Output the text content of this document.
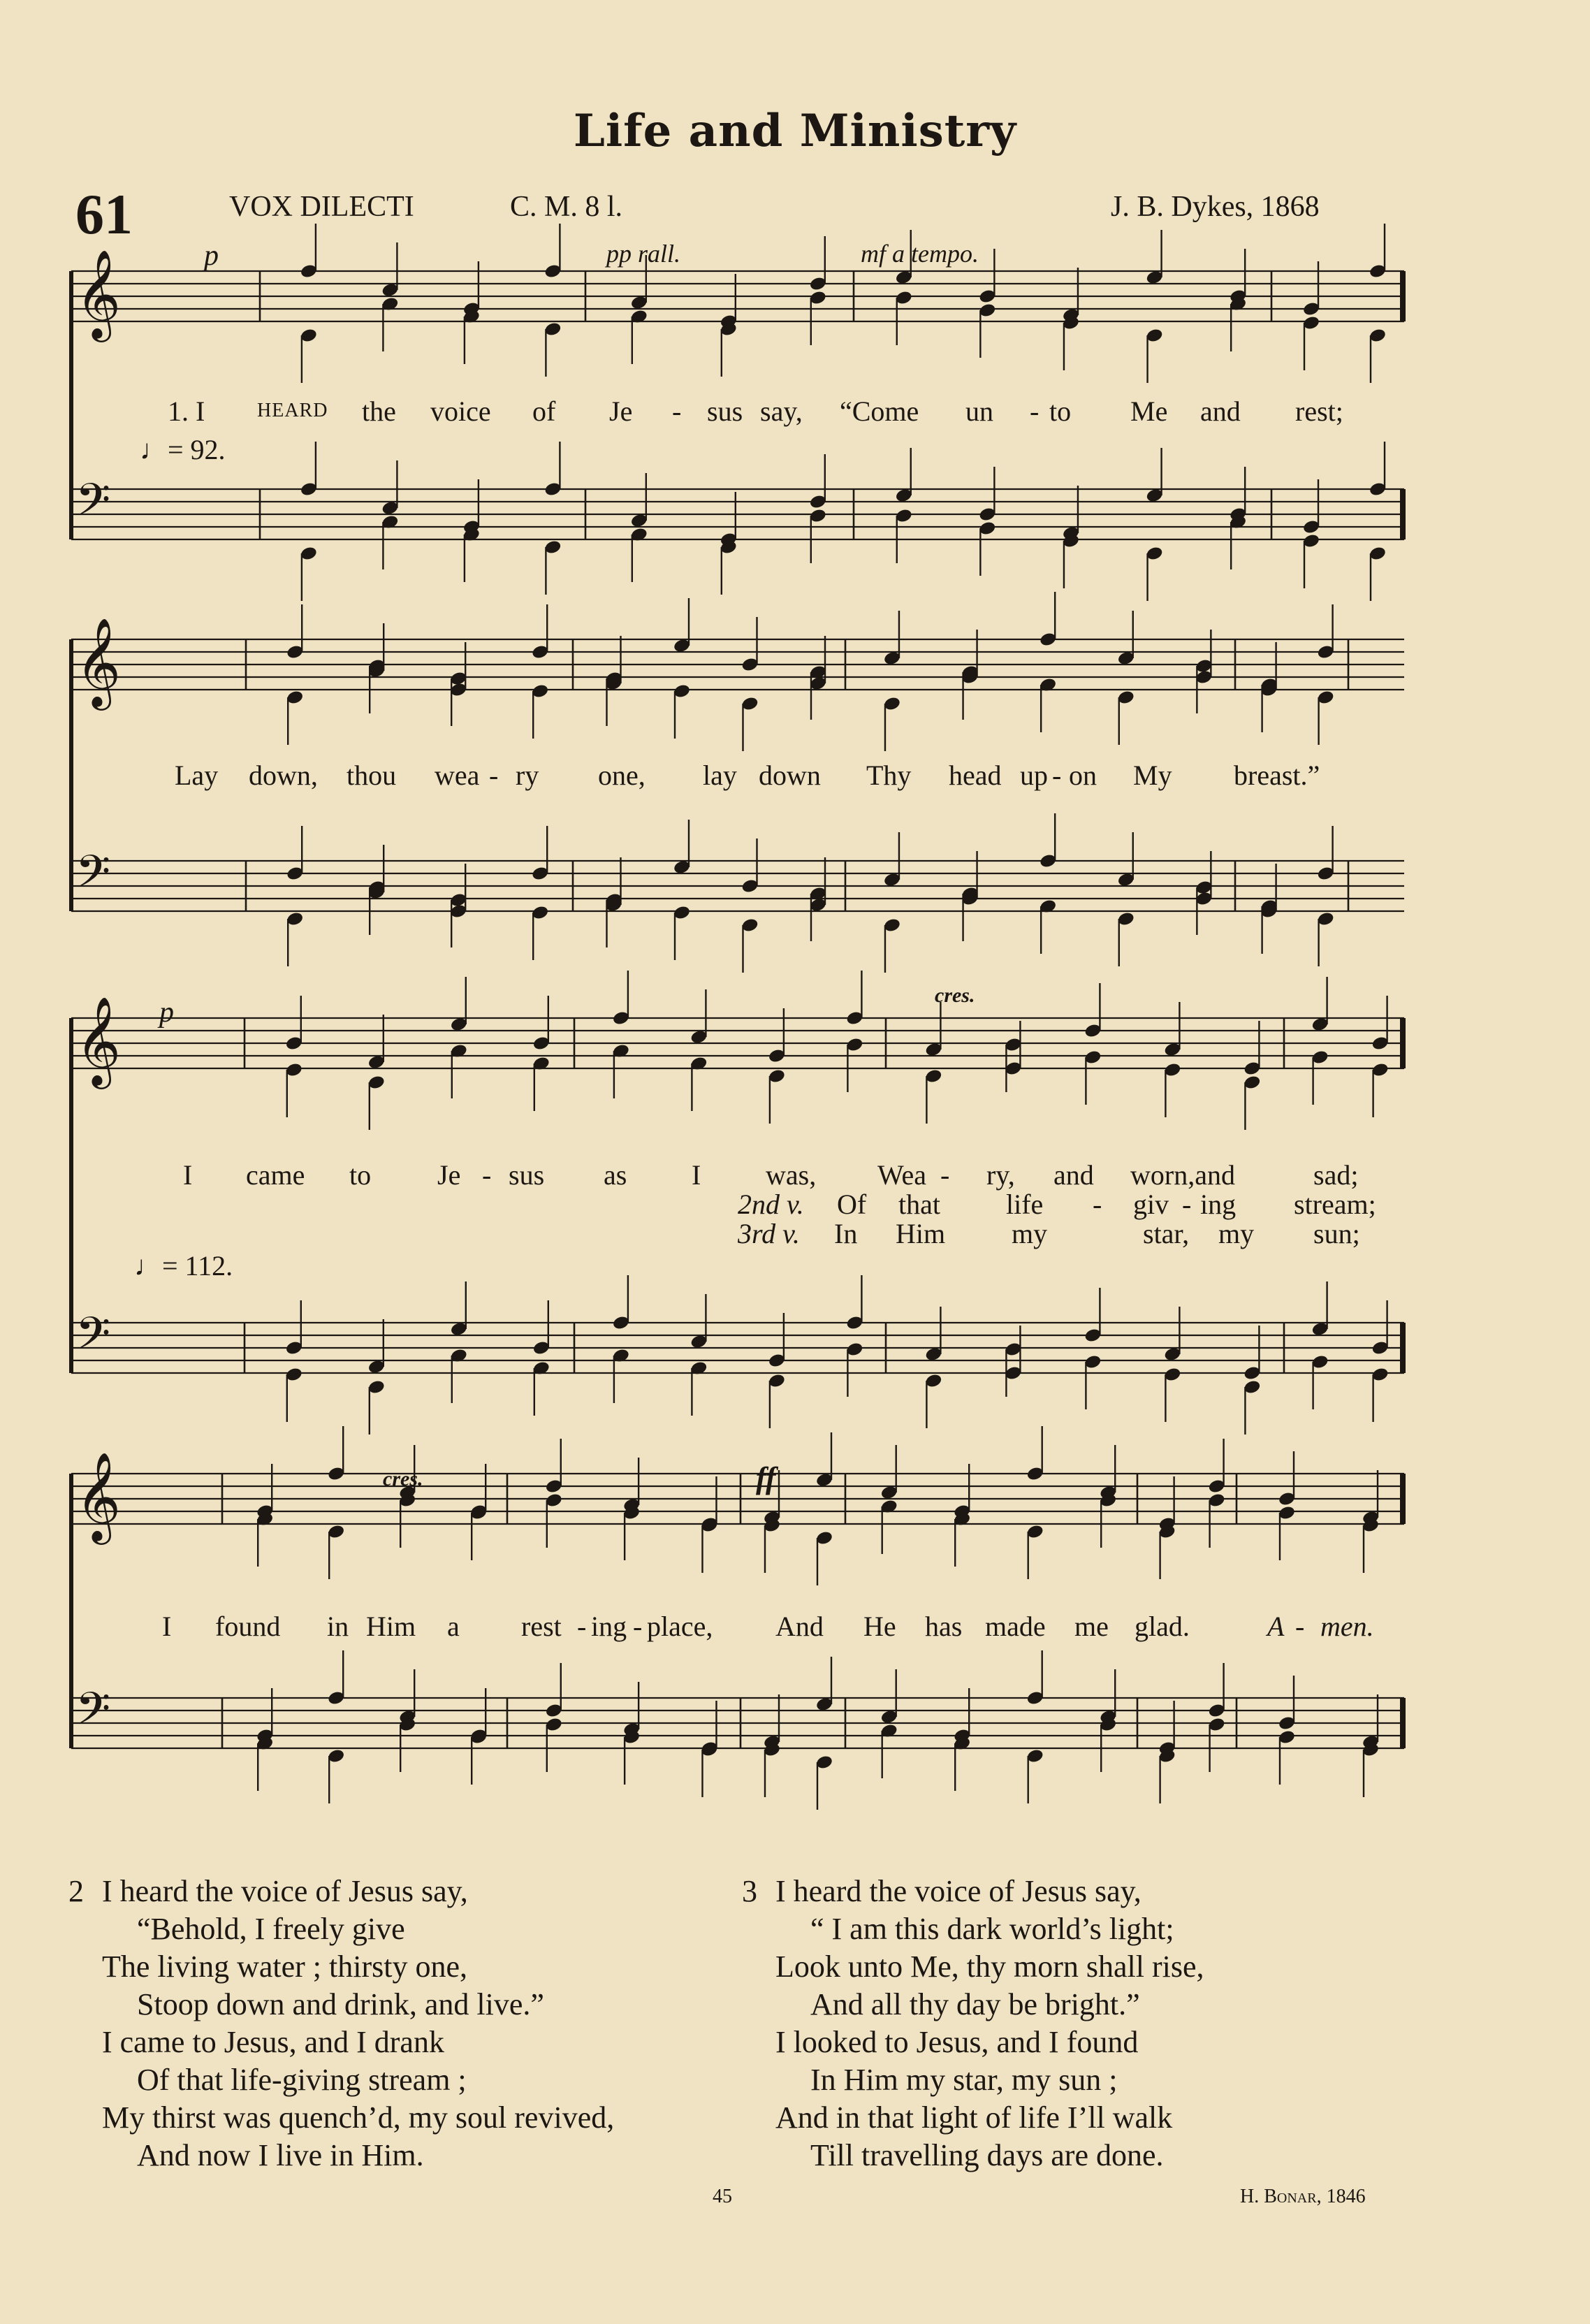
Life and Ministry
61	VOX DILECTI	C. M. 8 l.	J. B. Dykes, 1868
𝄞
𝄢
𝄞
𝄢
𝄞
𝄢
𝄞
𝄢
1. I	HEARD the voice of Je - sus say, “Come un - to Me and rest;
♩= 92.
p	pp rall.	mf a tempo.
Lay down, thou wea - ry one, lay down Thy head up - on My breast.”
I came to Je - sus as I was, Wea - ry, and worn,and	sad;
2nd v. Of that life - giv - ing stream;
3rd v. In Him my	star, my sun;
♩= 112.
p
cres.
I found in Him a rest - ing - place, And He has made me glad.	A - men.
cres.	ff
2 I heard the voice of Jesus say,
“Behold, I freely give
The living water ; thirsty one,
Stoop down and drink, and live.”
I came to Jesus, and I drank
Of that life-giving stream ;
My thirst was quench’d, my soul revived,
And now I live in Him.
3 I heard the voice of Jesus say,
“ I am this dark world’s light;
Look unto Me, thy morn shall rise,
And all thy day be bright.”
I looked to Jesus, and I found
In Him my star, my sun ;
And in that light of life I’ll walk
Till travelling days are done.
45	H. Bonar, 1846
